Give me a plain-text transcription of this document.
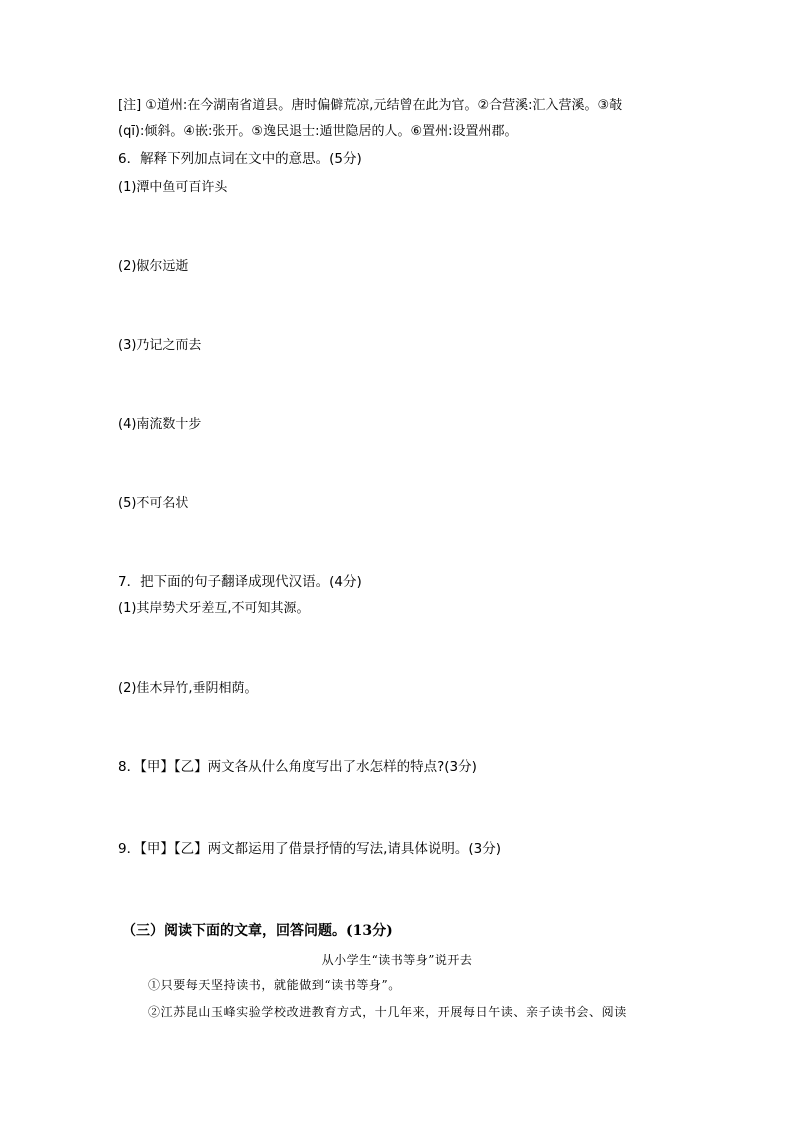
[注] ①道州:在今湖南省道县。唐时偏僻荒凉,元结曾在此为官。②合营溪:汇入营溪。③攲
(qī):倾斜。④嵌:张开。⑤逸民退士:遁世隐居的人。⑥置州:设置州郡。
6．解释下列加点词在文中的意思。(5分)
(1)潭中鱼可百许头
(2)俶尔远逝
(3)乃记之而去
(4)南流数十步
(5)不可名状
7．把下面的句子翻译成现代汉语。(4分)
(1)其岸势犬牙差互,不可知其源。
(2)佳木异竹,垂阴相荫。
8．【甲】【乙】两文各从什么角度写出了水怎样的特点?(3分)
9．【甲】【乙】两文都运用了借景抒情的写法,请具体说明。(3分)
（三）阅读下面的文章，回答问题。(13分)
从小学生“读书等身”说开去
①只要每天坚持读书，就能做到“读书等身”。
②江苏昆山玉峰实验学校改进教育方式，十几年来，开展每日午读、亲子读书会、阅读
